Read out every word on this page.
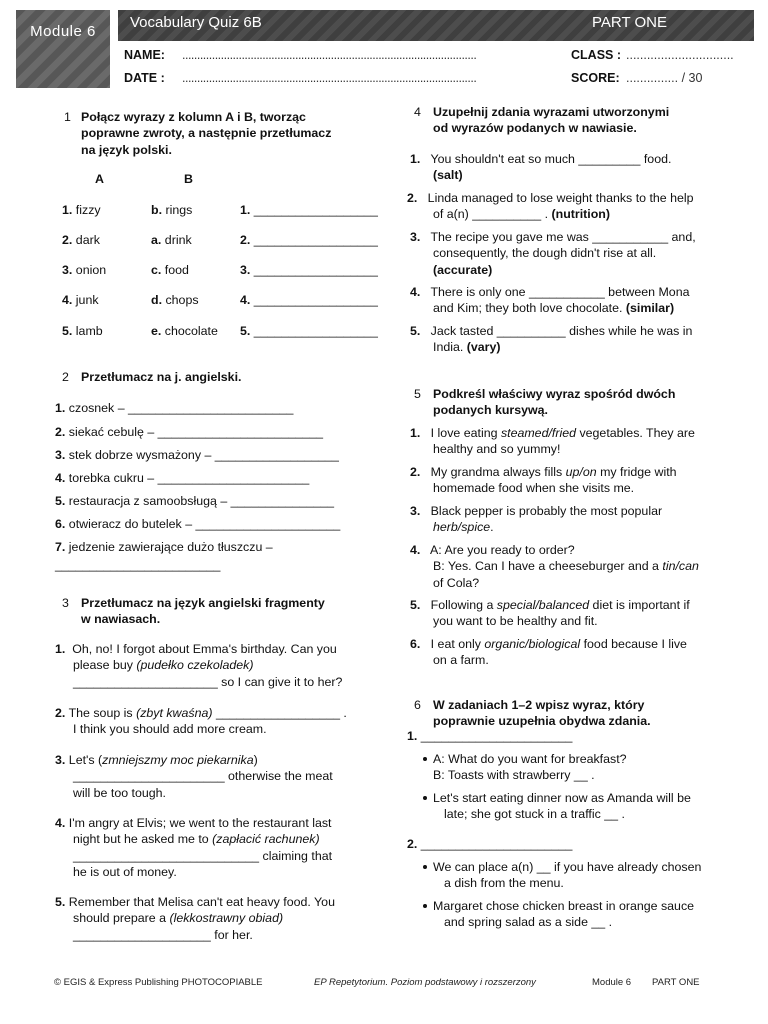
Module 6
Vocabulary Quiz 6B	PART ONE
NAME: ...................................................................................................	CLASS : ...............................
DATE : ...................................................................................................	SCORE: ............... / 30
1 Połącz wyrazy z kolumn A i B, tworząc
poprawne zwroty, a następnie przetłumacz
na język polski.
A	B
1. fizzy	b. rings	1. __________________
2. dark	a. drink	2. __________________
3. onion	c. food	3. __________________
4. junk	d. chops	4. __________________
5. lamb	e. chocolate 5. __________________
2 Przetłumacz na j. angielski.
1. czosnek – ________________________
2. siekać cebulę – ________________________
3. stek dobrze wysmażony – __________________
4. torebka cukru – ______________________
5. restauracja z samoobsługą – _______________
6. otwieracz do butelek – _____________________
7. jedzenie zawierające dużo tłuszczu –
________________________
3 Przetłumacz na język angielski fragmenty
w nawiasach.
1. Oh, no! I forgot about Emma's birthday. Can you
please buy (pudełko czekoladek)
_____________________ so I can give it to her?
2. The soup is (zbyt kwaśna) __________________ .
I think you should add more cream.
3. Let's (zmniejszmy moc piekarnika)
______________________ otherwise the meat
will be too tough.
4. I'm angry at Elvis; we went to the restaurant last
night but he asked me to (zapłacić rachunek)
___________________________ claiming that
he is out of money.
5. Remember that Melisa can't eat heavy food. You
should prepare a (lekkostrawny obiad)
____________________ for her.
4 Uzupełnij zdania wyrazami utworzonymi
od wyrazów podanych w nawiasie.
1. You shouldn't eat so much _________ food.
(salt)
2. Linda managed to lose weight thanks to the help
of a(n) __________ . (nutrition)
3. The recipe you gave me was ___________ and,
consequently, the dough didn't rise at all.
(accurate)
4. There is only one ___________ between Mona
and Kim; they both love chocolate. (similar)
5. Jack tasted __________ dishes while he was in
India. (vary)
5 Podkreśl właściwy wyraz spośród dwóch
podanych kursywą.
1. I love eating steamed/fried vegetables. They are
healthy and so yummy!
2. My grandma always fills up/on my fridge with
homemade food when she visits me.
3. Black pepper is probably the most popular
herb/spice.
4. A: Are you ready to order?
B: Yes. Can I have a cheeseburger and a tin/can
of Cola?
5. Following a special/balanced diet is important if
you want to be healthy and fit.
6. I eat only organic/biological food because I live
on a farm.
6 W zadaniach 1–2 wpisz wyraz, który
poprawnie uzupełnia obydwa zdania.
1. ______________________
A: What do you want for breakfast?
B: Toasts with strawberry __ .
Let's start eating dinner now as Amanda will be
late; she got stuck in a traffic __ .
2. ______________________
We can place a(n) __ if you have already chosen
a dish from the menu.
Margaret chose chicken breast in orange sauce
and spring salad as a side __ .
© EGIS & Express Publishing PHOTOCOPIABLE	EP Repetytorium. Poziom podstawowy i rozszerzony	Module 6 PART ONE
